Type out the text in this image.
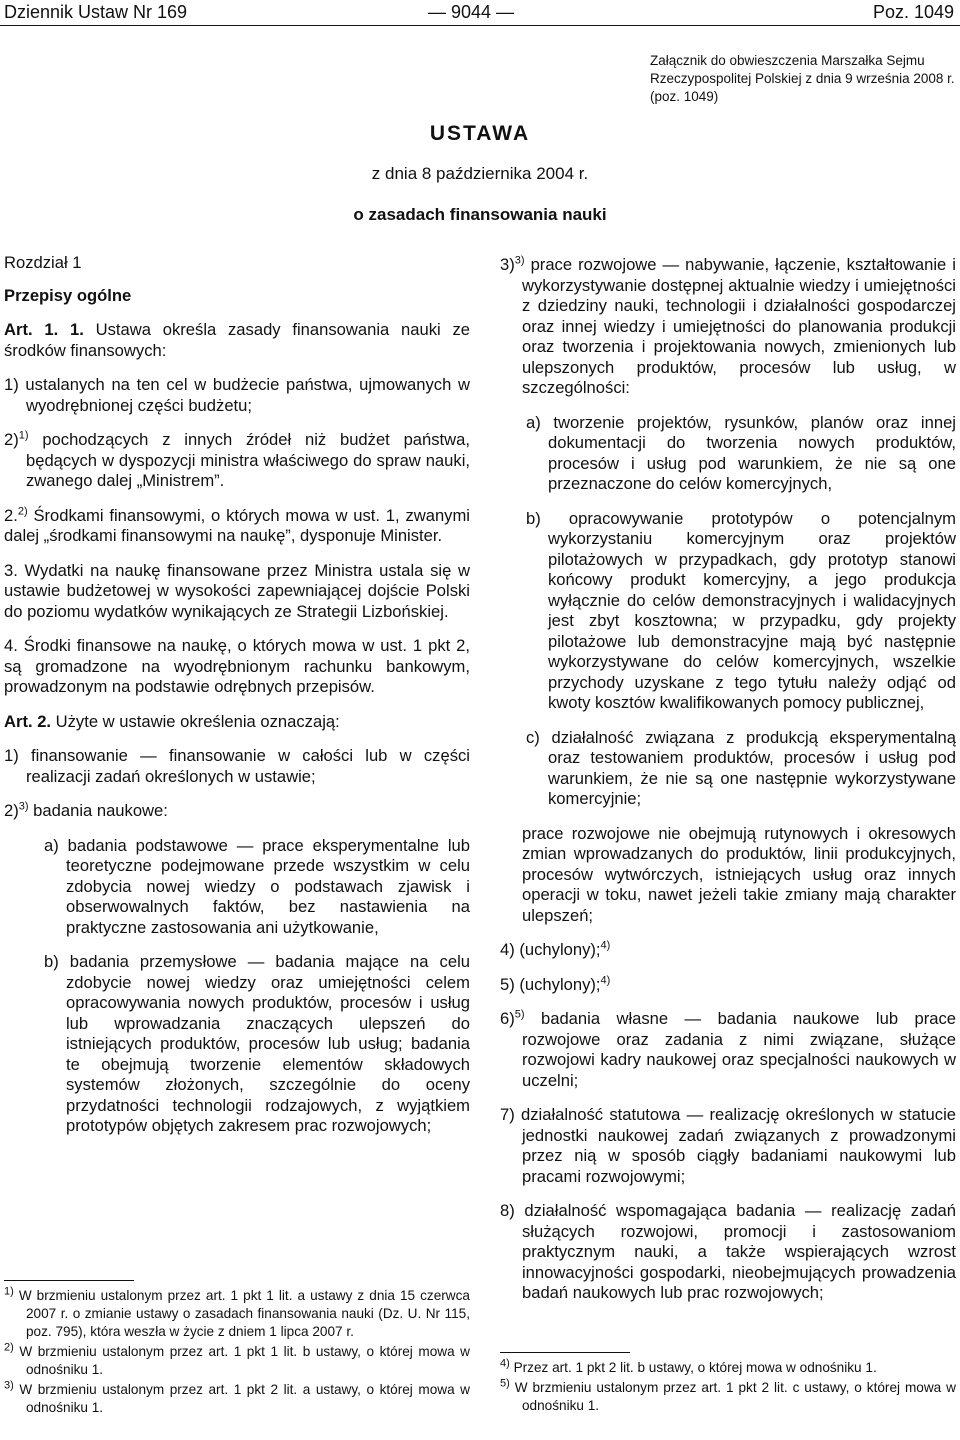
Dziennik Ustaw Nr 169	— 9044 —	Poz. 1049
Załącznik do obwieszczenia Marszałka Sejmu Rzeczypospolitej Polskiej z dnia 9 września 2008 r. (poz. 1049)
USTAWA
z dnia 8 października 2004 r.
o zasadach finansowania nauki

Rozdział 1

Przepisy ogólne

Art. 1. 1. Ustawa określa zasady finansowania nauki ze środków finansowych:

1) ustalanych na ten cel w budżecie państwa, ujmowanych w wyodrębnionej części budżetu;

2)$^{1)}$ pochodzących z innych źródeł niż budżet państwa, będących w dyspozycji ministra właściwego do spraw nauki, zwanego dalej „Ministrem”.

2.$^{2)}$ Środkami finansowymi, o których mowa w ust. 1, zwanymi dalej „środkami finansowymi na naukę”, dysponuje Minister.

3. Wydatki na naukę finansowane przez Ministra ustala się w ustawie budżetowej w wysokości zapewniającej dojście Polski do poziomu wydatków wynikających ze Strategii Lizbońskiej.

4. Środki finansowe na naukę, o których mowa w ust. 1 pkt 2, są gromadzone na wyodrębnionym rachunku bankowym, prowadzonym na podstawie odrębnych przepisów.

Art. 2. Użyte w ustawie określenia oznaczają:

1) finansowanie — finansowanie w całości lub w części realizacji zadań określonych w ustawie;

2)$^{3)}$ badania naukowe:

a) badania podstawowe — prace eksperymentalne lub teoretyczne podejmowane przede wszystkim w celu zdobycia nowej wiedzy o podstawach zjawisk i obserwowalnych faktów, bez nastawienia na praktyczne zastosowania ani użytkowanie,

b) badania przemysłowe — badania mające na celu zdobycie nowej wiedzy oraz umiejętności celem opracowywania nowych produktów, procesów i usług lub wprowadzania znaczących ulepszeń do istniejących produktów, procesów lub usług; badania te obejmują tworzenie elementów składowych systemów złożonych, szczególnie do oceny przydatności technologii rodzajowych, z wyjątkiem prototypów objętych zakresem prac rozwojowych;

3)$^{3)}$ prace rozwojowe — nabywanie, łączenie, kształtowanie i wykorzystywanie dostępnej aktualnie wiedzy i umiejętności z dziedziny nauki, technologii i działalności gospodarczej oraz innej wiedzy i umiejętności do planowania produkcji oraz tworzenia i projektowania nowych, zmienionych lub ulepszonych produktów, procesów lub usług, w szczególności:

a) tworzenie projektów, rysunków, planów oraz innej dokumentacji do tworzenia nowych produktów, procesów i usług pod warunkiem, że nie są one przeznaczone do celów komercyjnych,

b) opracowywanie prototypów o potencjalnym wykorzystaniu komercyjnym oraz projektów pilotażowych w przypadkach, gdy prototyp stanowi końcowy produkt komercyjny, a jego produkcja wyłącznie do celów demonstracyjnych i walidacyjnych jest zbyt kosztowna; w przypadku, gdy projekty pilotażowe lub demonstracyjne mają być następnie wykorzystywane do celów komercyjnych, wszelkie przychody uzyskane z tego tytułu należy odjąć od kwoty kosztów kwalifikowanych pomocy publicznej,

c) działalność związana z produkcją eksperymentalną oraz testowaniem produktów, procesów i usług pod warunkiem, że nie są one następnie wykorzystywane komercyjnie;

prace rozwojowe nie obejmują rutynowych i okresowych zmian wprowadzanych do produktów, linii produkcyjnych, procesów wytwórczych, istniejących usług oraz innych operacji w toku, nawet jeżeli takie zmiany mają charakter ulepszeń;

4) (uchylony);$^{4)}$

5) (uchylony);$^{4)}$

6)$^{5)}$ badania własne — badania naukowe lub prace rozwojowe oraz zadania z nimi związane, służące rozwojowi kadry naukowej oraz specjalności naukowych w uczelni;

7) działalność statutowa — realizację określonych w statucie jednostki naukowej zadań związanych z prowadzonymi przez nią w sposób ciągły badaniami naukowymi lub pracami rozwojowymi;

8) działalność wspomagająca badania — realizację zadań służących rozwojowi, promocji i zastosowaniom praktycznym nauki, a także wspierających wzrost innowacyjności gospodarki, nieobejmujących prowadzenia badań naukowych lub prac rozwojowych;

$^{1)}$ W brzmieniu ustalonym przez art. 1 pkt 1 lit. a ustawy z dnia 15 czerwca 2007 r. o zmianie ustawy o zasadach finansowania nauki (Dz. U. Nr 115, poz. 795), która weszła w życie z dniem 1 lipca 2007 r.

$^{2)}$ W brzmieniu ustalonym przez art. 1 pkt 1 lit. b ustawy, o której mowa w odnośniku 1.

$^{3)}$ W brzmieniu ustalonym przez art. 1 pkt 2 lit. a ustawy, o której mowa w odnośniku 1.

$^{4)}$ Przez art. 1 pkt 2 lit. b ustawy, o której mowa w odnośniku 1.

$^{5)}$ W brzmieniu ustalonym przez art. 1 pkt 2 lit. c ustawy, o której mowa w odnośniku 1.
